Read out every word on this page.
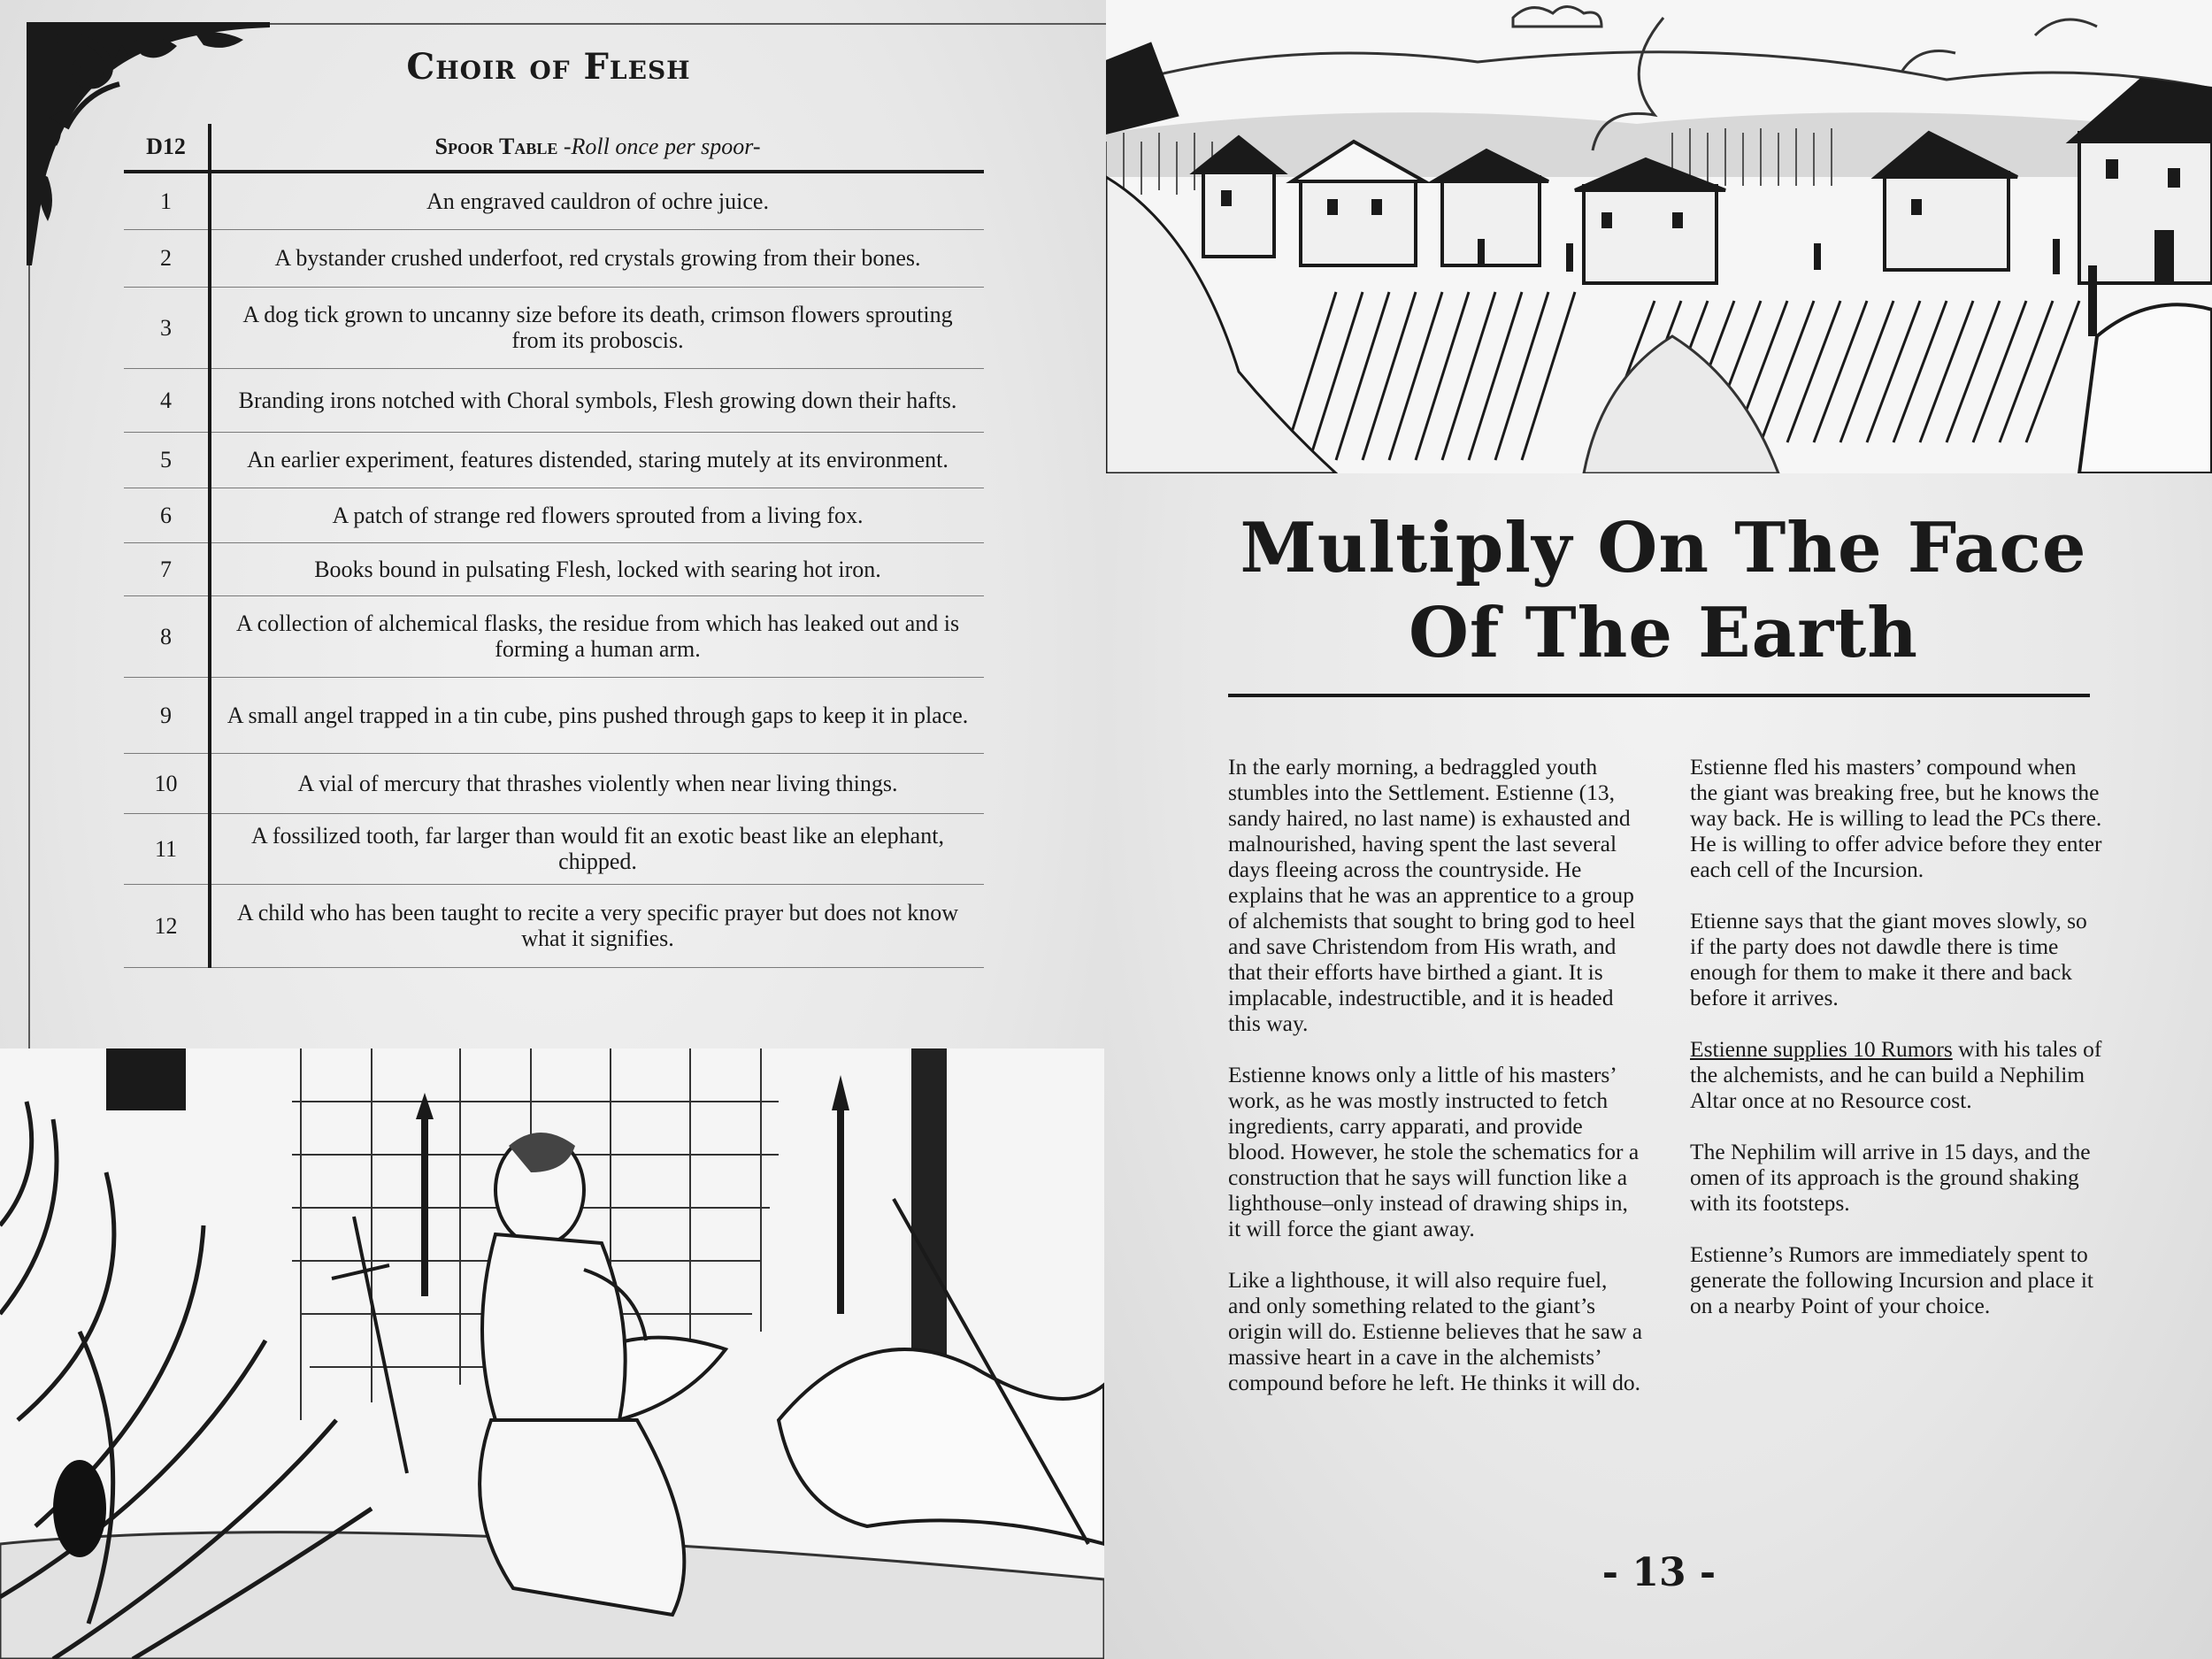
Choir of Flesh
D12	Spoor Table -Roll once per spoor-
1	An engraved cauldron of ochre juice.
2	A bystander crushed underfoot, red crystals growing from their bones.
3	A dog tick grown to uncanny size before its death, crimson flowers sprouting from its proboscis.
4	Branding irons notched with Choral symbols, Flesh growing down their hafts.
5	An earlier experiment, features distended, staring mutely at its environment.
6	A patch of strange red flowers sprouted from a living fox.
7	Books bound in pulsating Flesh, locked with searing hot iron.
8	A collection of alchemical flasks, the residue from which has leaked out and is forming a human arm.
9	A small angel trapped in a tin cube, pins pushed through gaps to keep it in place.
10	A vial of mercury that thrashes violently when near living things.
11	A fossilized tooth, far larger than would fit an exotic beast like an elephant, chipped.
12	A child who has been taught to recite a very specific prayer but does not know what it signifies.
Multiply On The Face
Of The Earth

In the early morning, a bedraggled youth stumbles into the Settlement. Estienne (13, sandy haired, no last name) is exhausted and malnourished, having spent the last several days fleeing across the countryside. He explains that he was an apprentice to a group of alchemists that sought to bring god to heel and save Christendom from His wrath, and that their efforts have birthed a giant. It is implacable, indestructible, and it is headed this way.

Estienne knows only a little of his masters’ work, as he was mostly instructed to fetch ingredients, carry apparati, and provide blood. However, he stole the schematics for a construction that he says will function like a lighthouse–only instead of drawing ships in, it will force the giant away.

Like a lighthouse, it will also require fuel, and only something related to the giant’s origin will do. Estienne believes that he saw a massive heart in a cave in the alchemists’ compound before he left. He thinks it will do.

Estienne fled his masters’ compound when the giant was breaking free, but he knows the way back. He is willing to lead the PCs there. He is willing to offer advice before they enter each cell of the Incursion.

Etienne says that the giant moves slowly, so if the party does not dawdle there is time enough for them to make it there and back before it arrives.

Estienne supplies 10 Rumors with his tales of the alchemists, and he can build a Nephilim Altar once at no Resource cost.

The Nephilim will arrive in 15 days, and the omen of its approach is the ground shaking with its footsteps.

Estienne’s Rumors are immediately spent to generate the following Incursion and place it on a nearby Point of your choice.

- 13 -
